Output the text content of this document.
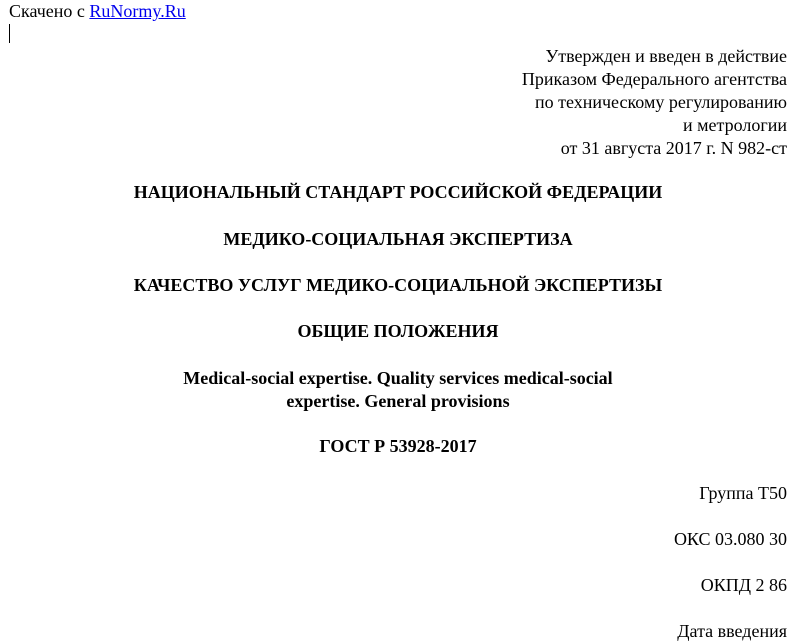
Скачено с RuNormy.Ru
Утвержден и введен в действие
Приказом Федерального агентства
по техническому регулированию
и метрологии
от 31 августа 2017 г. N 982-ст
НАЦИОНАЛЬНЫЙ СТАНДАРТ РОССИЙСКОЙ ФЕДЕРАЦИИ
МЕДИКО-СОЦИАЛЬНАЯ ЭКСПЕРТИЗА
КАЧЕСТВО УСЛУГ МЕДИКО-СОЦИАЛЬНОЙ ЭКСПЕРТИЗЫ
ОБЩИЕ ПОЛОЖЕНИЯ
Medical-social expertise. Quality services medical-social
expertise. General provisions
ГОСТ Р 53928-2017
Группа Т50
ОКС 03.080 30
ОКПД 2 86
Дата введения
